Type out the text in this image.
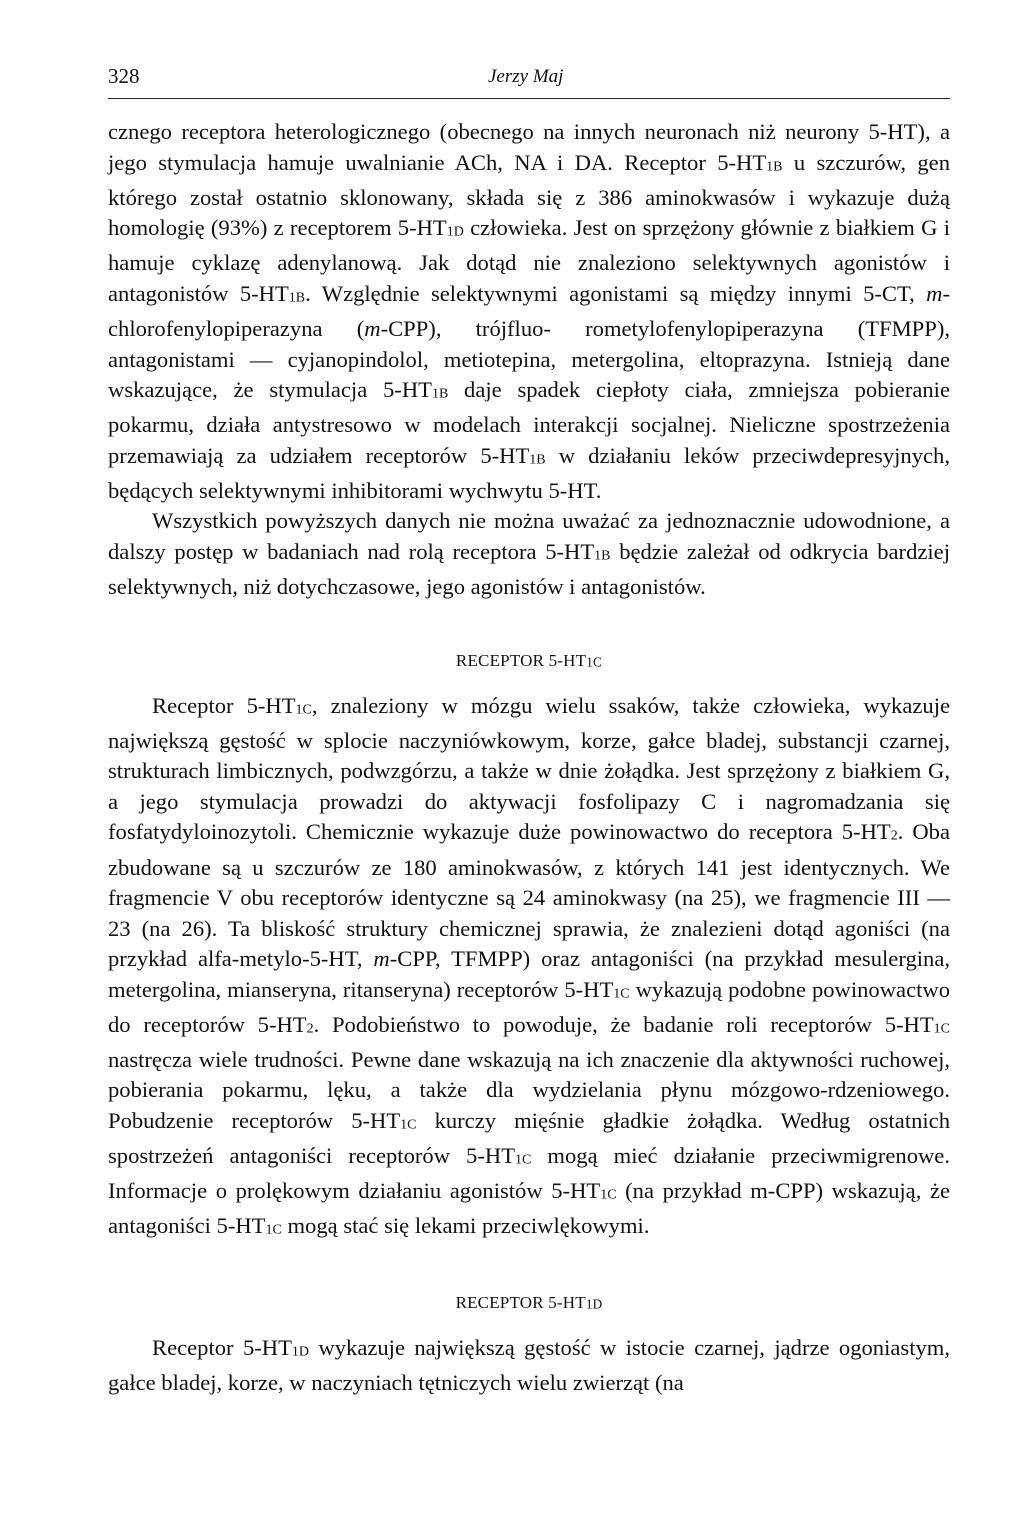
328	Jerzy Maj

cznego receptora heterologicznego (obecnego na innych neuronach niż neurony 5-HT), a jego stymulacja hamuje uwalnianie ACh, NA i DA. Receptor 5-HT1B u szczurów, gen którego został ostatnio sklonowany, składa się z 386 aminokwasów i wykazuje dużą homologię (93%) z receptorem 5-HT1D człowieka. Jest on sprzężony głównie z białkiem G i hamuje cyklazę adenylanową. Jak dotąd nie znaleziono selektywnych agonistów i antagonistów 5-HT1B. Względnie selektywnymi agonistami są między innymi 5-CT, m-chlorofenylopiperazyna (m-CPP), trójfluo- rometylofenylopiperazyna (TFMPP), antagonistami — cyjanopindolol, metiotepina, metergolina, eltoprazyna. Istnieją dane wskazujące, że stymulacja 5-HT1B daje spadek ciepłoty ciała, zmniejsza pobieranie pokarmu, działa antystresowo w modelach interakcji socjalnej. Nieliczne spostrzeżenia przemawiają za udziałem receptorów 5-HT1B w działaniu leków przeciwdepresyjnych, będących selektywnymi inhibitorami wychwytu 5-HT.

Wszystkich powyższych danych nie można uważać za jednoznacznie udowodnione, a dalszy postęp w badaniach nad rolą receptora 5-HT1B będzie zależał od odkrycia bardziej selektywnych, niż dotychczasowe, jego agonistów i antagonistów.

RECEPTOR 5-HT1C

Receptor 5-HT1C, znaleziony w mózgu wielu ssaków, także człowieka, wykazuje największą gęstość w splocie naczyniówkowym, korze, gałce bladej, substancji czarnej, strukturach limbicznych, podwzgórzu, a także w dnie żołądka. Jest sprzężony z białkiem G, a jego stymulacja prowadzi do aktywacji fosfolipazy C i nagromadzania się fosfatydyloinozytoli. Chemicznie wykazuje duże powinowactwo do receptora 5-HT2. Oba zbudowane są u szczurów ze 180 aminokwasów, z których 141 jest identycznych. We fragmencie V obu receptorów identyczne są 24 aminokwasy (na 25), we fragmencie III — 23 (na 26). Ta bliskość struktury chemicznej sprawia, że znalezieni dotąd agoniści (na przykład alfa-metylo-5-HT, m-CPP, TFMPP) oraz antagoniści (na przykład mesulergina, metergolina, mianseryna, ritanseryna) receptorów 5-HT1C wykazują podobne powinowactwo do receptorów 5-HT2. Podobieństwo to powoduje, że badanie roli receptorów 5-HT1C nastręcza wiele trudności. Pewne dane wskazują na ich znaczenie dla aktywności ruchowej, pobierania pokarmu, lęku, a także dla wydzielania płynu mózgowo-rdzeniowego. Pobudzenie receptorów 5-HT1C kurczy mięśnie gładkie żołądka. Według ostatnich spostrzeżeń antagoniści receptorów 5-HT1C mogą mieć działanie przeciwmigrenowe. Informacje o prolękowym działaniu agonistów 5-HT1C (na przykład m-CPP) wskazują, że antagoniści 5-HT1C mogą stać się lekami przeciwlękowymi.

RECEPTOR 5-HT1D

Receptor 5-HT1D wykazuje największą gęstość w istocie czarnej, jądrze ogoniastym, gałce bladej, korze, w naczyniach tętniczych wielu zwierząt (na
